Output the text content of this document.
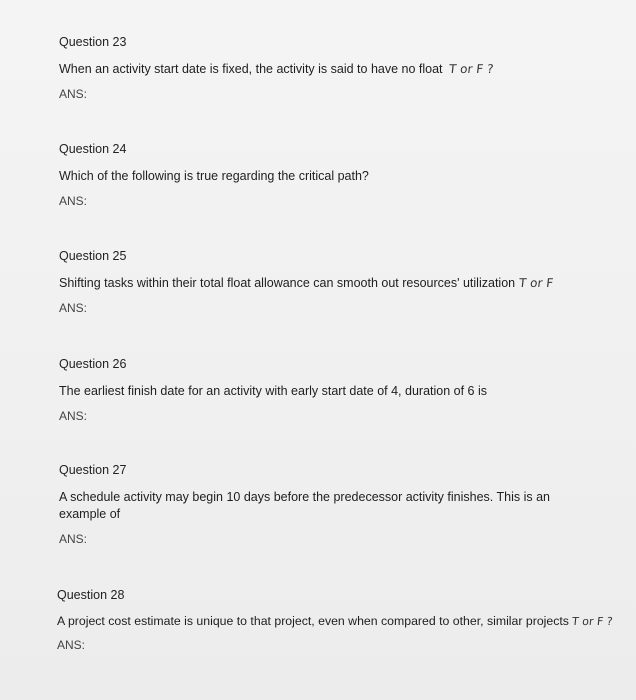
Question 23

When an activity start date is fixed, the activity is said to have no float T or F ?

ANS:

Question 24

Which of the following is true regarding the critical path?

ANS:

Question 25

Shifting tasks within their total float allowance can smooth out resources' utilization T or F

ANS:

Question 26

The earliest finish date for an activity with early start date of 4, duration of 6 is

ANS:

Question 27

A schedule activity may begin 10 days before the predecessor activity finishes. This is an example of

ANS:

Question 28

A project cost estimate is unique to that project, even when compared to other, similar projects T or F ?

ANS:
